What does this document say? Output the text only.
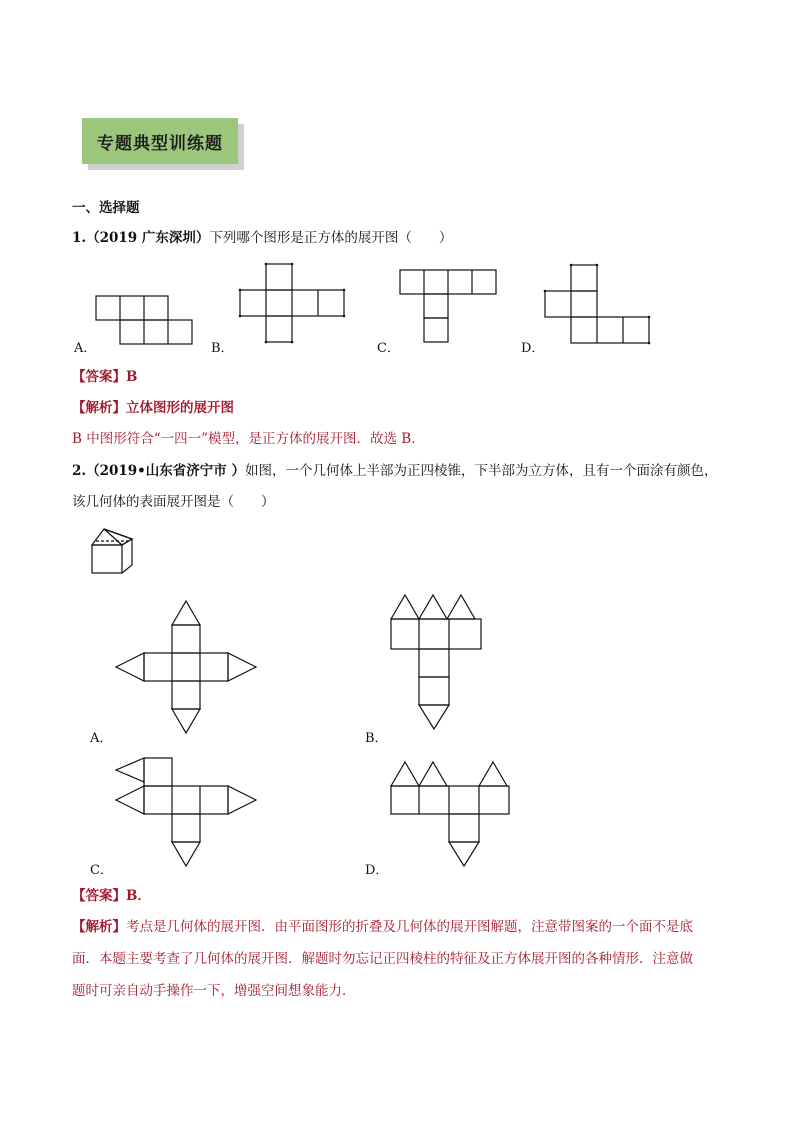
专题典型训练题
一、选择题
1.（2019 广东深圳）下列哪个图形是正方体的展开图（　　）
A．	B．	C．	D．
【答案】B
【解析】立体图形的展开图
B 中图形符合“一四一”模型，是正方体的展开图．故选 B．
2.（2019•山东省济宁市 ）如图，一个几何体上半部为正四棱锥，下半部为立方体，且有一个面涂有颜色，
该几何体的表面展开图是（　　）
A．	B．
C．	D．
【答案】B．
【解析】考点是几何体的展开图．由平面图形的折叠及几何体的展开图解题，注意带图案的一个面不是底
面．本题主要考查了几何体的展开图．解题时勿忘记正四棱柱的特征及正方体展开图的各种情形．注意做
题时可亲自动手操作一下，增强空间想象能力．
